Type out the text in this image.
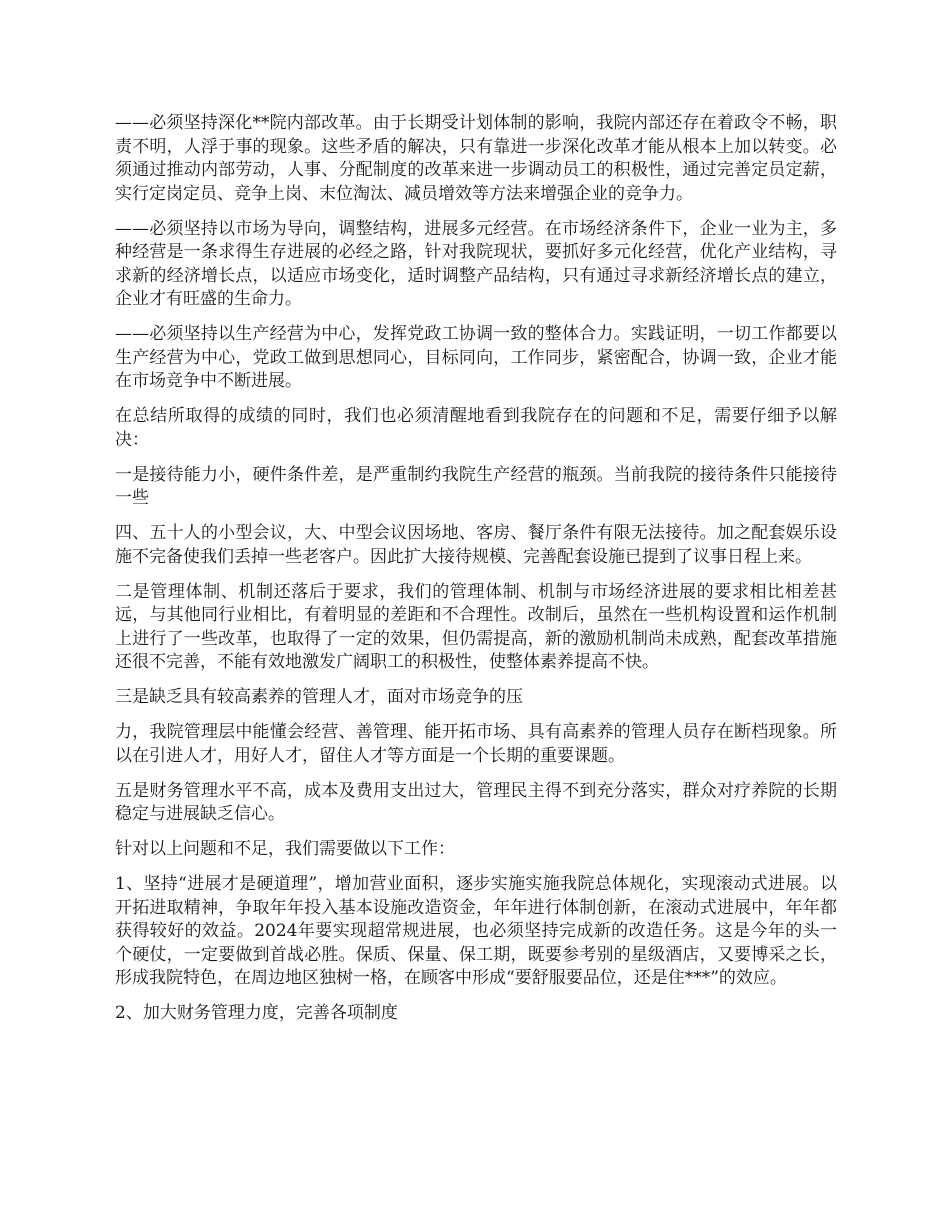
——必须坚持深化**院内部改革。由于长期受计划体制的影响，我院内部还存在着政令不畅，职责不明，人浮于事的现象。这些矛盾的解决，只有靠进一步深化改革才能从根本上加以转变。必须通过推动内部劳动，人事、分配制度的改革来进一步调动员工的积极性，通过完善定员定薪，实行定岗定员、竞争上岗、末位淘汰、减员增效等方法来增强企业的竞争力。

——必须坚持以市场为导向，调整结构，进展多元经营。在市场经济条件下，企业一业为主，多种经营是一条求得生存进展的必经之路，针对我院现状，要抓好多元化经营，优化产业结构，寻求新的经济增长点，以适应市场变化，适时调整产品结构，只有通过寻求新经济增长点的建立，企业才有旺盛的生命力。

——必须坚持以生产经营为中心，发挥党政工协调一致的整体合力。实践证明，一切工作都要以生产经营为中心，党政工做到思想同心，目标同向，工作同步，紧密配合，协调一致，企业才能在市场竞争中不断进展。

在总结所取得的成绩的同时，我们也必须清醒地看到我院存在的问题和不足，需要仔细予以解决：

一是接待能力小，硬件条件差，是严重制约我院生产经营的瓶颈。当前我院的接待条件只能接待一些

四、五十人的小型会议，大、中型会议因场地、客房、餐厅条件有限无法接待。加之配套娱乐设施不完备使我们丢掉一些老客户。因此扩大接待规模、完善配套设施已提到了议事日程上来。

二是管理体制、机制还落后于要求，我们的管理体制、机制与市场经济进展的要求相比相差甚远，与其他同行业相比，有着明显的差距和不合理性。改制后，虽然在一些机构设置和运作机制上进行了一些改革，也取得了一定的效果，但仍需提高，新的激励机制尚未成熟，配套改革措施还很不完善，不能有效地激发广阔职工的积极性，使整体素养提高不快。

三是缺乏具有较高素养的管理人才，面对市场竞争的压

力，我院管理层中能懂会经营、善管理、能开拓市场、具有高素养的管理人员存在断档现象。所以在引进人才，用好人才，留住人才等方面是一个长期的重要课题。

五是财务管理水平不高，成本及费用支出过大，管理民主得不到充分落实，群众对疗养院的长期稳定与进展缺乏信心。

针对以上问题和不足，我们需要做以下工作：

1、坚持“进展才是硬道理”，增加营业面积，逐步实施实施我院总体规化，实现滚动式进展。以开拓进取精神，争取年年投入基本设施改造资金，年年进行体制创新，在滚动式进展中，年年都获得较好的效益。2024年要实现超常规进展，也必须坚持完成新的改造任务。这是今年的头一个硬仗，一定要做到首战必胜。保质、保量、保工期，既要参考别的星级酒店，又要博采之长，形成我院特色，在周边地区独树一格，在顾客中形成“要舒服要品位，还是住***”的效应。

2、加大财务管理力度，完善各项制度
